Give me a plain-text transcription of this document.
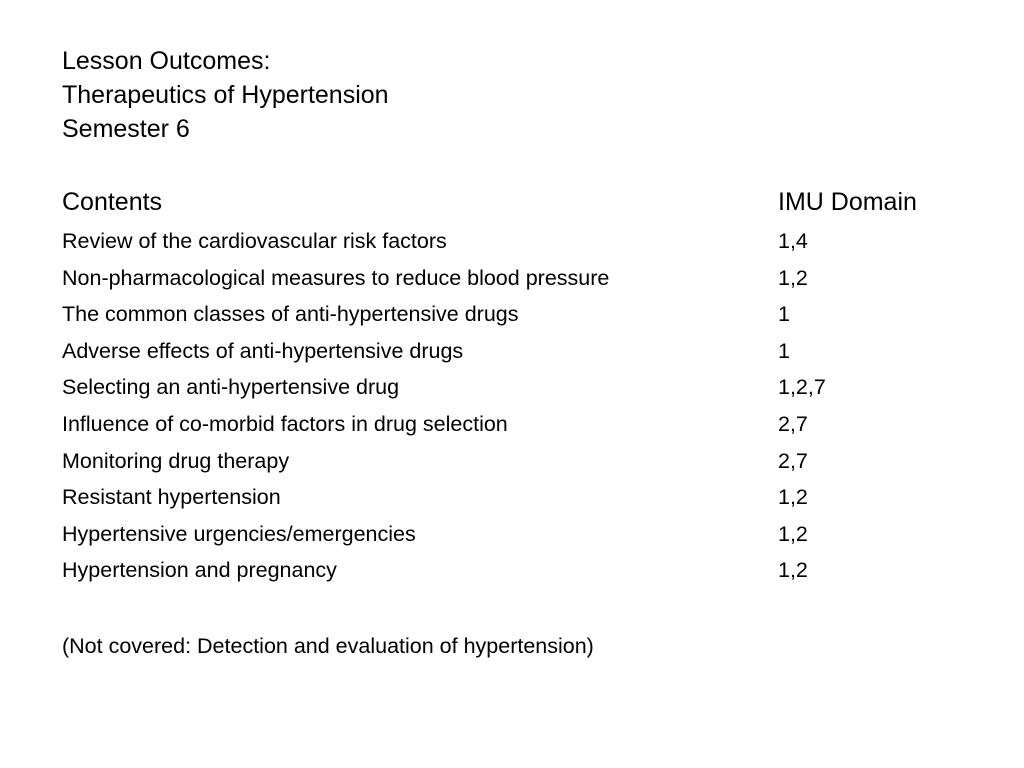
Lesson Outcomes:
Therapeutics of Hypertension
Semester 6
Contents	IMU Domain
Review of the cardiovascular risk factors	1,4
Non-pharmacological measures to reduce blood pressure	1,2
The common classes of anti-hypertensive drugs	1
Adverse effects of anti-hypertensive drugs	1
Selecting an anti-hypertensive drug	1,2,7
Influence of co-morbid factors in drug selection	2,7
Monitoring drug therapy	2,7
Resistant hypertension	1,2
Hypertensive urgencies/emergencies	1,2
Hypertension and pregnancy	1,2
(Not covered: Detection and evaluation of hypertension)
